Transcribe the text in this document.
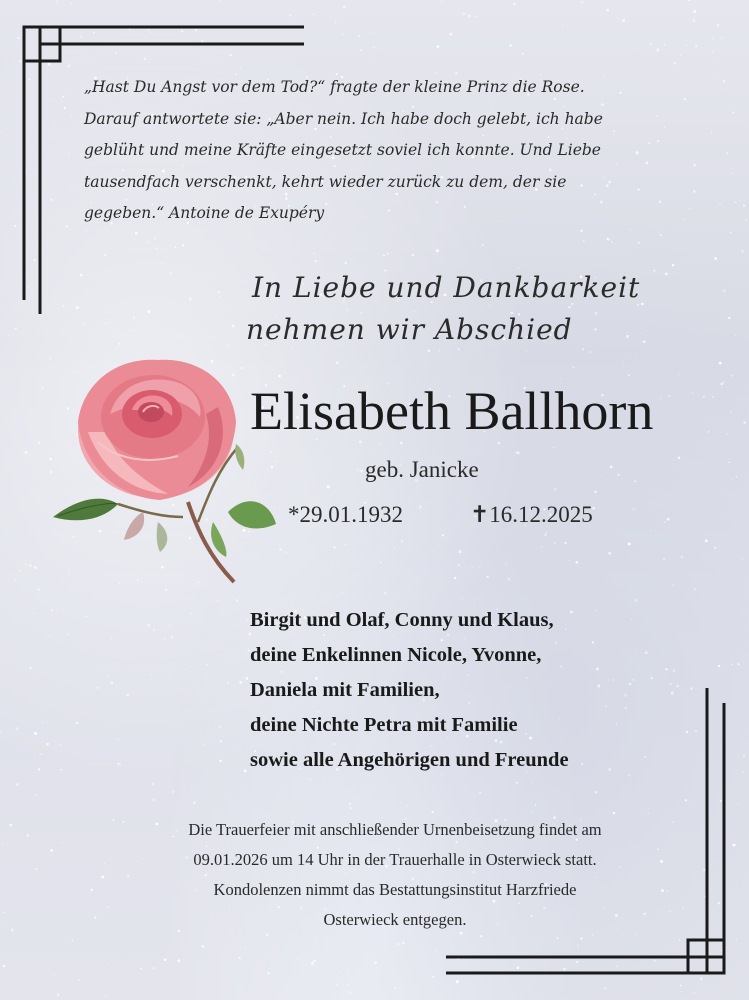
„Hast Du Angst vor dem Tod?“ fragte der kleine Prinz die Rose.
Darauf antwortete sie: „Aber nein. Ich habe doch gelebt, ich habe
geblüht und meine Kräfte eingesetzt soviel ich konnte. Und Liebe
tausendfach verschenkt, kehrt wieder zurück zu dem, der sie
gegeben.“ Antoine de Exupéry
In Liebe und Dankbarkeit
nehmen wir Abschied
Elisabeth Ballhorn
geb. Janicke
*29.01.1932	✝16.12.2025
Birgit und Olaf, Conny und Klaus,
deine Enkelinnen Nicole, Yvonne,
Daniela mit Familien,
deine Nichte Petra mit Familie
sowie alle Angehörigen und Freunde
Die Trauerfeier mit anschließender Urnenbeisetzung findet am
09.01.2026 um 14 Uhr in der Trauerhalle in Osterwieck statt.
Kondolenzen nimmt das Bestattungsinstitut Harzfriede
Osterwieck entgegen.
